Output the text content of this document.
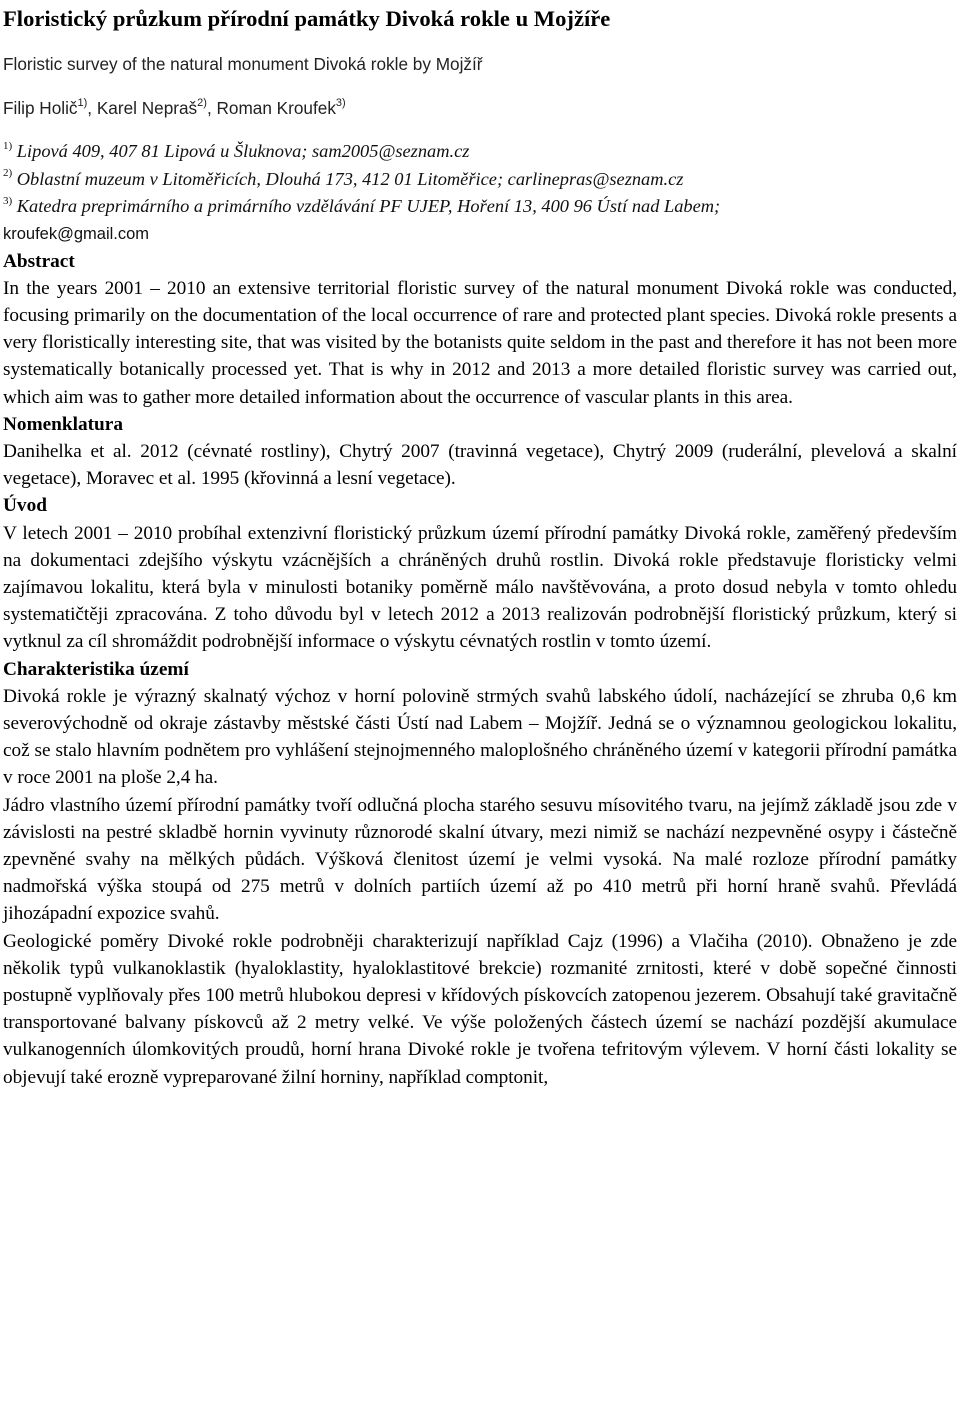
Floristický průzkum přírodní památky Divoká rokle u Mojžíře

Floristic survey of the natural monument Divoká rokle by Mojžíř

Filip Holič$^{1)}$, Karel Nepraš$^{2)}$, Roman Kroufek$^{3)}$

$^{1)}$ Lipová 409, 407 81 Lipová u Šluknova; sam2005@seznam.cz

$^{2)}$ Oblastní muzeum v Litoměřicích, Dlouhá 173, 412 01 Litoměřice; carlinepras@seznam.cz

$^{3)}$ Katedra preprimárního a primárního vzdělávání PF UJEP, Hoření 13, 400 96 Ústí nad Labem;

kroufek@gmail.com

Abstract

In the years 2001 – 2010 an extensive territorial floristic survey of the natural monument Divoká rokle was conducted, focusing primarily on the documentation of the local occurrence of rare and protected plant species. Divoká rokle presents a very floristically interesting site, that was visited by the botanists quite seldom in the past and therefore it has not been more systematically botanically processed yet. That is why in 2012 and 2013 a more detailed floristic survey was carried out, which aim was to gather more detailed information about the occurrence of vascular plants in this area.

Nomenklatura

Danihelka et al. 2012 (cévnaté rostliny), Chytrý 2007 (travinná vegetace), Chytrý 2009 (ruderální, plevelová a skalní vegetace), Moravec et al. 1995 (křovinná a lesní vegetace).

Úvod

V letech 2001 – 2010 probíhal extenzivní floristický průzkum území přírodní památky Divoká rokle, zaměřený především na dokumentaci zdejšího výskytu vzácnějších a chráněných druhů rostlin. Divoká rokle představuje floristicky velmi zajímavou lokalitu, která byla v minulosti botaniky poměrně málo navštěvována, a proto dosud nebyla v tomto ohledu systematičtěji zpracována. Z toho důvodu byl v letech 2012 a 2013 realizován podrobnější floristický průzkum, který si vytknul za cíl shromáždit podrobnější informace o výskytu cévnatých rostlin v tomto území.

Charakteristika území

Divoká rokle je výrazný skalnatý výchoz v horní polovině strmých svahů labského údolí, nacházející se zhruba 0,6 km severovýchodně od okraje zástavby městské části Ústí nad Labem – Mojžíř. Jedná se o významnou geologickou lokalitu, což se stalo hlavním podnětem pro vyhlášení stejnojmenného maloplošného chráněného území v kategorii přírodní památka v roce 2001 na ploše 2,4 ha.

Jádro vlastního území přírodní památky tvoří odlučná plocha starého sesuvu mísovitého tvaru, na jejímž základě jsou zde v závislosti na pestré skladbě hornin vyvinuty různorodé skalní útvary, mezi nimiž se nachází nezpevněné osypy i částečně zpevněné svahy na mělkých půdách. Výšková členitost území je velmi vysoká. Na malé rozloze přírodní památky nadmořská výška stoupá od 275 metrů v dolních partiích území až po 410 metrů při horní hraně svahů. Převládá jihozápadní expozice svahů.

Geologické poměry Divoké rokle podrobněji charakterizují například Cajz (1996) a Vlačiha (2010). Obnaženo je zde několik typů vulkanoklastik (hyaloklastity, hyaloklastitové brekcie) rozmanité zrnitosti, které v době sopečné činnosti postupně vyplňovaly přes 100 metrů hlubokou depresi v křídových pískovcích zatopenou jezerem. Obsahují také gravitačně transportované balvany pískovců až 2 metry velké. Ve výše položených částech území se nachází pozdější akumulace vulkanogenních úlomkovitých proudů, horní hrana Divoké rokle je tvořena tefritovým výlevem. V horní části lokality se objevují také erozně vypreparované žilní horniny, například comptonit,
